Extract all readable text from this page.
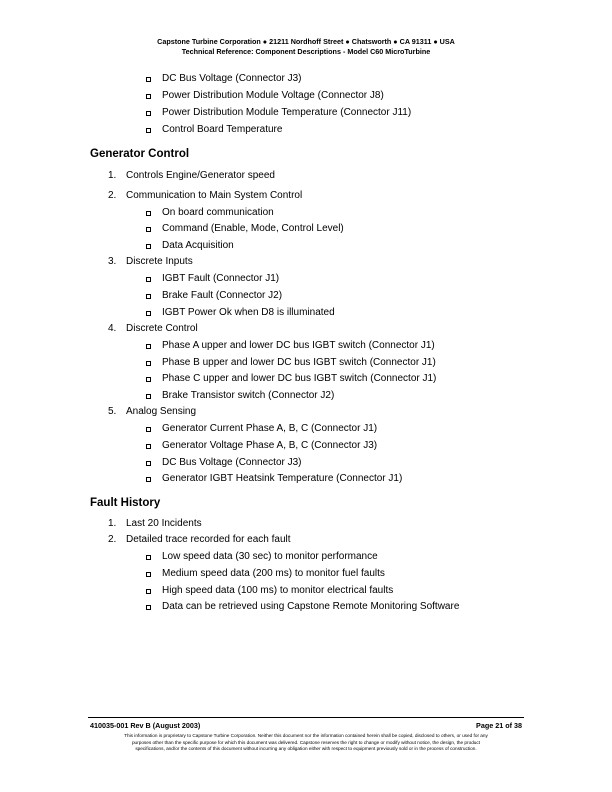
Capstone Turbine Corporation ● 21211 Nordhoff Street ● Chatsworth ● CA 91311 ● USA
Technical Reference: Component Descriptions - Model C60 MicroTurbine
DC Bus Voltage (Connector J3)
Power Distribution Module Voltage (Connector J8)
Power Distribution Module Temperature (Connector J11)
Control Board Temperature
Generator Control
1. Controls Engine/Generator speed
2. Communication to Main System Control
On board communication
Command (Enable, Mode, Control Level)
Data Acquisition
3. Discrete Inputs
IGBT Fault (Connector J1)
Brake Fault (Connector J2)
IGBT Power Ok when D8 is illuminated
4. Discrete Control
Phase A upper and lower DC bus IGBT switch (Connector J1)
Phase B upper and lower DC bus IGBT switch (Connector J1)
Phase C upper and lower DC bus IGBT switch (Connector J1)
Brake Transistor switch (Connector J2)
5. Analog Sensing
Generator Current Phase A, B, C (Connector J1)
Generator Voltage Phase A, B, C (Connector J3)
DC Bus Voltage (Connector J3)
Generator IGBT Heatsink Temperature (Connector J1)
Fault History
1. Last 20 Incidents
2. Detailed trace recorded for each fault
Low speed data (30 sec) to monitor performance
Medium speed data (200 ms) to monitor fuel faults
High speed data (100 ms) to monitor electrical faults
Data can be retrieved using Capstone Remote Monitoring Software
410035-001 Rev B (August 2003)	Page 21 of 38
This information is proprietary to Capstone Turbine Corporation. Neither this document nor the information contained herein shall be copied, disclosed to others, or used for any
purposes other than the specific purpose for which this document was delivered. Capstone reserves the right to change or modify without notice, the design, the product
specifications, and/or the contents of this document without incurring any obligation either with respect to equipment previously sold or in the process of construction.
